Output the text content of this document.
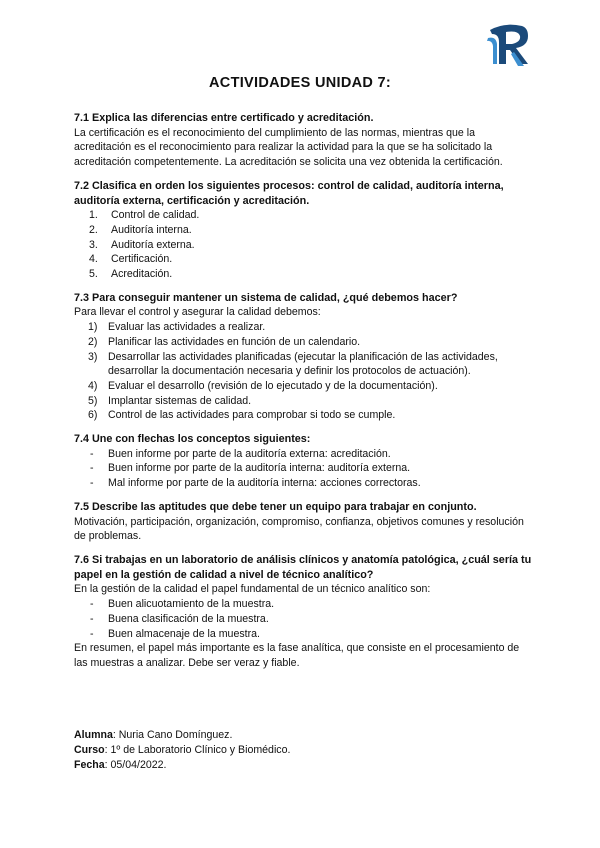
ACTIVIDADES UNIDAD 7:
7.1 Explica las diferencias entre certificado y acreditación.

La certificación es el reconocimiento del cumplimiento de las normas, mientras que la acreditación es el reconocimiento para realizar la actividad para la que se ha solicitado la acreditación competentemente. La acreditación se solicita una vez obtenida la certificación.

7.2 Clasifica en orden los siguientes procesos: control de calidad, auditoría interna, auditoría externa, certificación y acreditación.
1.	Control de calidad.
2.	Auditoría interna.
3.	Auditoría externa.
4.	Certificación.
5.	Acreditación.
7.3 Para conseguir mantener un sistema de calidad, ¿qué debemos hacer?

Para llevar el control y asegurar la calidad debemos:

1) Evaluar las actividades a realizar.
2) Planificar las actividades en función de un calendario.
3) Desarrollar las actividades planificadas (ejecutar la planificación de las actividades, desarrollar la documentación necesaria y definir los protocolos de actuación).
4) Evaluar el desarrollo (revisión de lo ejecutado y de la documentación).
5) Implantar sistemas de calidad.
6) Control de las actividades para comprobar si todo se cumple.
7.4 Une con flechas los conceptos siguientes:
- Buen informe por parte de la auditoría externa: acreditación.
- Buen informe por parte de la auditoría interna: auditoría externa.
- Mal informe por parte de la auditoría interna: acciones correctoras.
7.5 Describe las aptitudes que debe tener un equipo para trabajar en conjunto.

Motivación, participación, organización, compromiso, confianza, objetivos comunes y resolución de problemas.

7.6 Si trabajas en un laboratorio de análisis clínicos y anatomía patológica, ¿cuál sería tu papel en la gestión de calidad a nivel de técnico analítico?

En la gestión de la calidad el papel fundamental de un técnico analítico son:

- Buen alicuotamiento de la muestra.
- Buena clasificación de la muestra.
- Buen almacenaje de la muestra.

En resumen, el papel más importante es la fase analítica, que consiste en el procesamiento de las muestras a analizar. Debe ser veraz y fiable.

Alumna: Nuria Cano Domínguez.
Curso: 1º de Laboratorio Clínico y Biomédico.
Fecha: 05/04/2022.
